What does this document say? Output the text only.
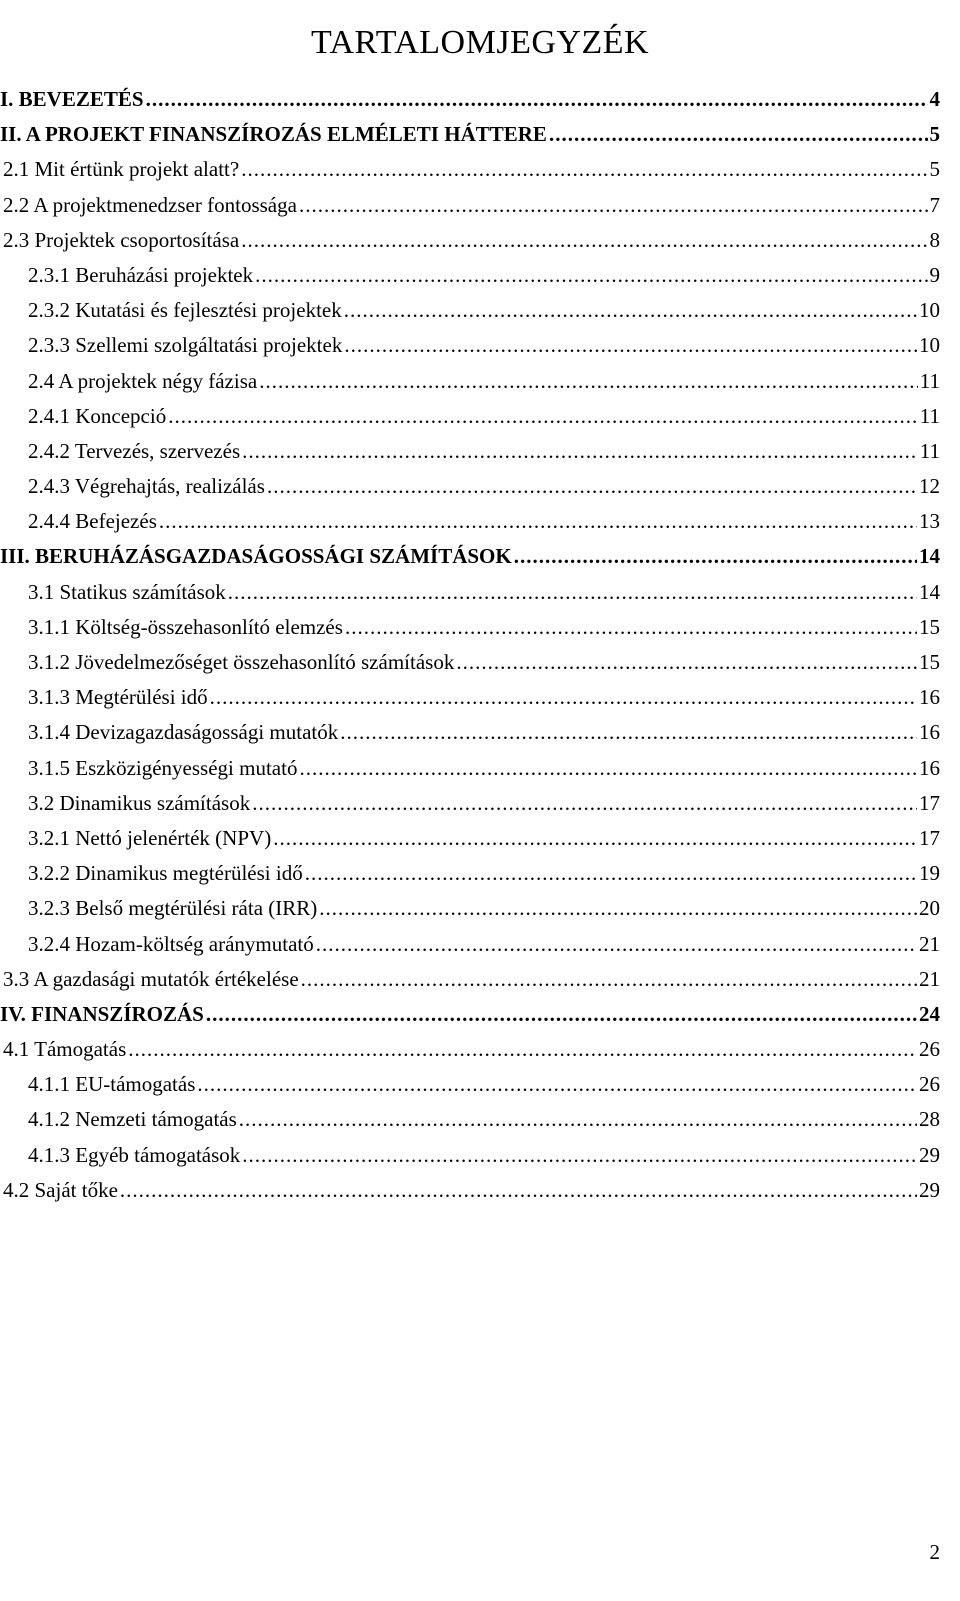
TARTALOMJEGYZÉK
I. BEVEZETÉS .....	4
II. A PROJEKT FINANSZÍROZÁS ELMÉLETI HÁTTERE .....	5
2.1 Mit értünk projekt alatt? .....	5
2.2 A projektmenedzser fontossága .....	7
2.3 Projektek csoportosítása .....	8
2.3.1 Beruházási projektek .....	9
2.3.2 Kutatási és fejlesztési projektek .....	10
2.3.3 Szellemi szolgáltatási projektek .....	10
2.4 A projektek négy fázisa .....	11
2.4.1 Koncepció .....	11
2.4.2 Tervezés, szervezés .....	11
2.4.3 Végrehajtás, realizálás .....	12
2.4.4 Befejezés .....	13
III. BERUHÁZÁSGAZDASÁGOSSÁGI SZÁMÍTÁSOK .....	14
3.1 Statikus számítások .....	14
3.1.1 Költség-összehasonlító elemzés .....	15
3.1.2 Jövedelmezőséget összehasonlító számítások .....	15
3.1.3 Megtérülési idő .....	16
3.1.4 Devizagazdaságossági mutatók .....	16
3.1.5 Eszközigényességi mutató .....	16
3.2 Dinamikus számítások .....	17
3.2.1 Nettó jelenérték (NPV) .....	17
3.2.2 Dinamikus megtérülési idő .....	19
3.2.3 Belső megtérülési ráta (IRR) .....	20
3.2.4 Hozam-költség aránymutató .....	21
3.3 A gazdasági mutatók értékelése .....	21
IV. FINANSZÍROZÁS .....	24
4.1 Támogatás .....	26
4.1.1 EU-támogatás .....	26
4.1.2 Nemzeti támogatás .....	28
4.1.3 Egyéb támogatások .....	29
4.2 Saját tőke .....	29
2
